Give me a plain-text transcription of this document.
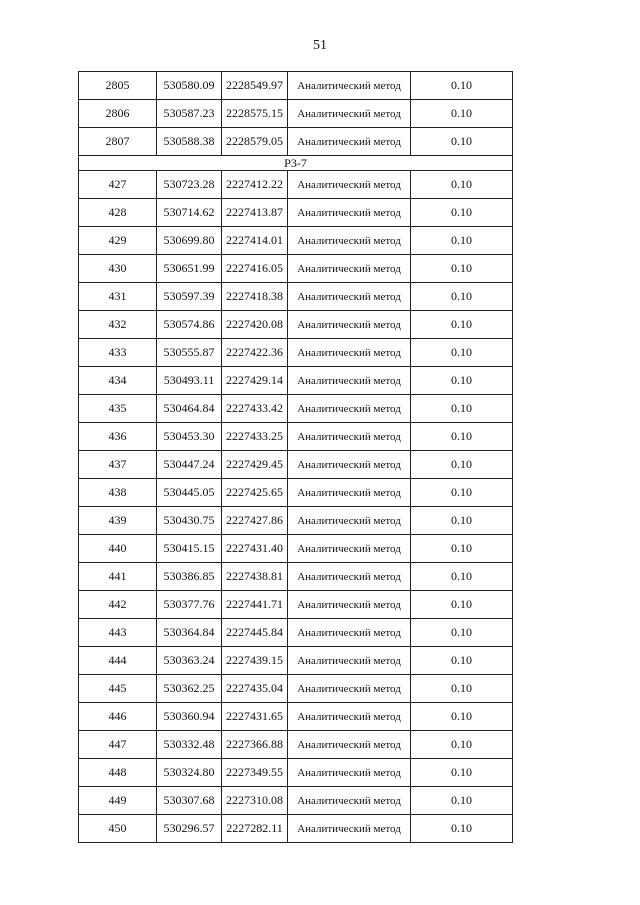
51
2805	530580.09	2228549.97	Аналитический метод	0.10
2806	530587.23	2228575.15	Аналитический метод	0.10
2807	530588.38	2228579.05	Аналитический метод	0.10
Р3-7				
427	530723.28	2227412.22	Аналитический метод	0.10
428	530714.62	2227413.87	Аналитический метод	0.10
429	530699.80	2227414.01	Аналитический метод	0.10
430	530651.99	2227416.05	Аналитический метод	0.10
431	530597.39	2227418.38	Аналитический метод	0.10
432	530574.86	2227420.08	Аналитический метод	0.10
433	530555.87	2227422.36	Аналитический метод	0.10
434	530493.11	2227429.14	Аналитический метод	0.10
435	530464.84	2227433.42	Аналитический метод	0.10
436	530453.30	2227433.25	Аналитический метод	0.10
437	530447.24	2227429.45	Аналитический метод	0.10
438	530445.05	2227425.65	Аналитический метод	0.10
439	530430.75	2227427.86	Аналитический метод	0.10
440	530415.15	2227431.40	Аналитический метод	0.10
441	530386.85	2227438.81	Аналитический метод	0.10
442	530377.76	2227441.71	Аналитический метод	0.10
443	530364.84	2227445.84	Аналитический метод	0.10
444	530363.24	2227439.15	Аналитический метод	0.10
445	530362.25	2227435.04	Аналитический метод	0.10
446	530360.94	2227431.65	Аналитический метод	0.10
447	530332.48	2227366.88	Аналитический метод	0.10
448	530324.80	2227349.55	Аналитический метод	0.10
449	530307.68	2227310.08	Аналитический метод	0.10
450	530296.57	2227282.11	Аналитический метод	0.10
